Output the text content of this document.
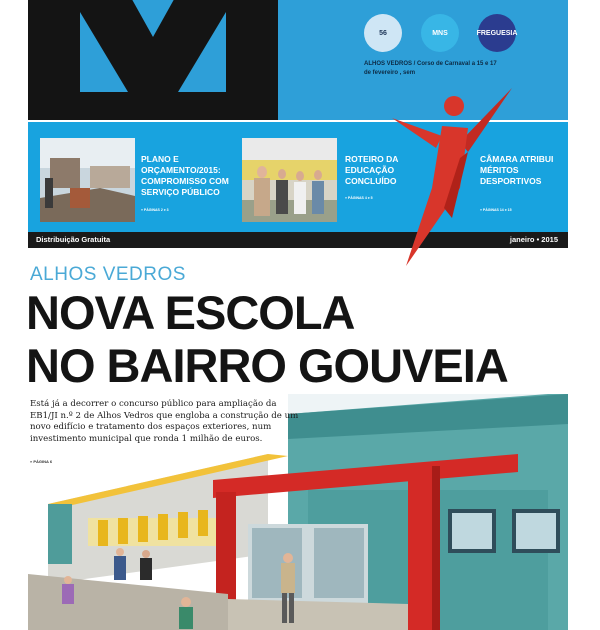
56	MNS	FREGUESIA
ALHOS VEDROS / Corso de Carnaval a 15 e 17
de fevereiro , sem
PLANO E ORÇAMENTO/2015: COMPROMISSO COM SERVIÇO PÚBLICO
» PÁGINAS 2 e 3
ROTEIRO DA EDUCAÇÃO CONCLUÍDO
» PÁGINAS 4 e 5
CÂMARA ATRIBUI MÉRITOS DESPORTIVOS
» PÁGINAS 14 e 15
Distribuição Gratuita	janeiro • 2015
ALHOS VEDROS
NOVA ESCOLA
NO BAIRRO GOUVEIA
Está já a decorrer o concurso público para ampliação da EB1/JI n.º 2 de Alhos Vedros que engloba a construção de um novo edifício e tratamento dos espaços exteriores, num investimento municipal que ronda 1 milhão de euros.
» PÁGINA 6
